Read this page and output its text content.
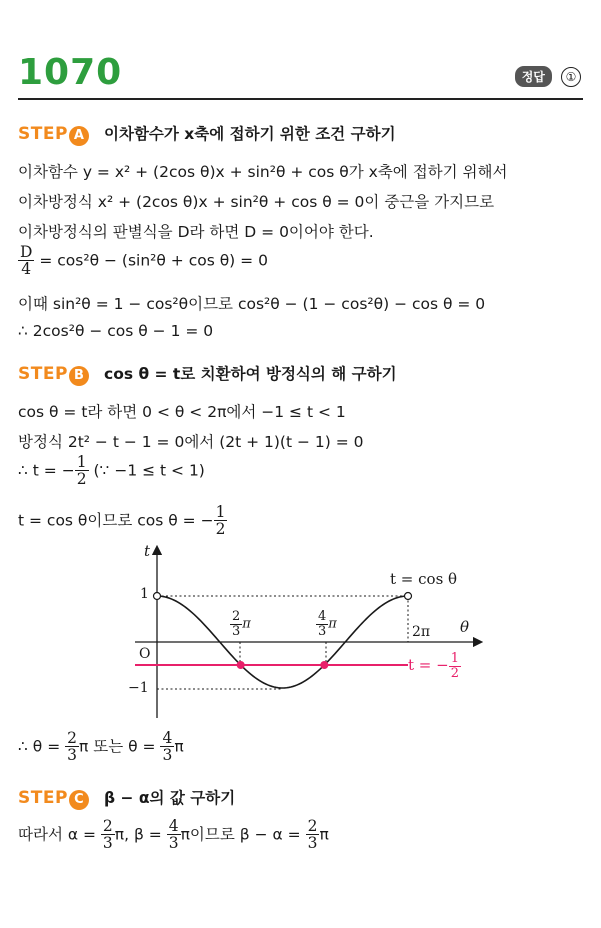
1070	정답 ①
STEP A 이차함수가 x축에 접하기 위한 조건 구하기
이차함수 y = x² + (2cos θ)x + sin²θ + cos θ가 x축에 접하기 위해서
이차방정식 x² + (2cos θ)x + sin²θ + cos θ = 0이 중근을 가지므로
이차방정식의 판별식을 D라 하면 D = 0이어야 한다.
$\frac{D}{4} = \cos^2\theta - (\sin^2\theta + \cos \theta) = 0$
이때 sin²θ = 1 − cos²θ이므로 cos²θ − (1 − cos²θ) − cos θ = 0
∴ 2cos²θ − cos θ − 1 = 0
STEP B cos θ = t로 치환하여 방정식의 해 구하기
cos θ = t라 하면 0 < θ < 2π에서 −1 ≤ t < 1
방정식 2t² − t − 1 = 0에서 (2t + 1)(t − 1) = 0
∴ t = − $\frac{1}{2}$ (∵ −1 ≤ t < 1)
t = cos θ이므로 cos θ = − $\frac{1}{2}$
t
θ
O
1
−1
$\frac{2}{3}$ π	$\frac{4}{3}$ π	2π
t = cos θ
t = − $\frac{1}{2}$
∴ $\theta = \frac{2}{3}$ π 또는 $\theta = \frac{4}{3}$ π
STEP C β − α의 값 구하기
따라서 $\alpha = \frac{2}{3} \pi$, $\beta = \frac{4}{3}$ π이므로 $\beta - \alpha = \frac{2}{3}$ π
